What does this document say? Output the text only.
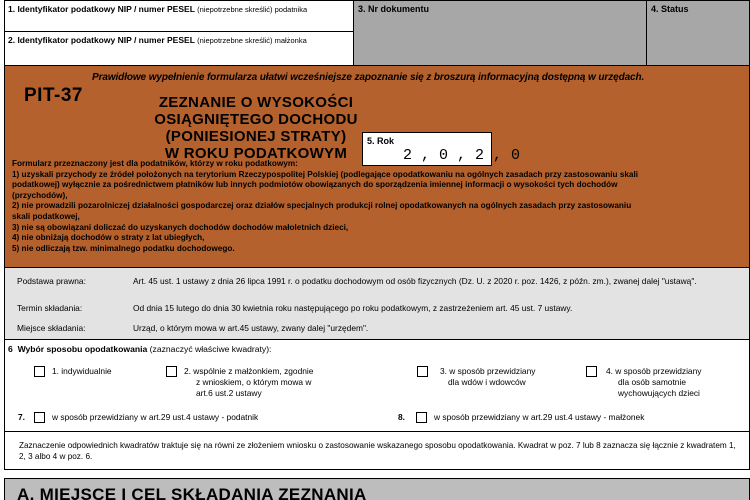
1. Identyfikator podatkowy NIP / numer PESEL (niepotrzebne skreślić) podatnika
2. Identyfikator podatkowy NIP / numer PESEL (niepotrzebne skreślić) małżonka
3. Nr dokumentu	4. Status
Prawidłowe wypełnienie formularza ułatwi wcześniejsze zapoznanie się z broszurą informacyjną dostępną w urzędach.
PIT-37	ZEZNANIE O WYSOKOŚCI
OSIĄGNIĘTEGO DOCHODU (PONIESIONEJ STRATY)
W ROKU PODATKOWYM
5. Rok
2,0,2,0
Formularz przeznaczony jest dla podatników, którzy w roku podatkowym:
1) uzyskali przychody ze źródeł położonych na terytorium Rzeczypospolitej Polskiej (podlegające opodatkowaniu na ogólnych zasadach przy zastosowaniu skali
podatkowej) wyłącznie za pośrednictwem płatników lub innych podmiotów obowiązanych do sporządzenia imiennej informacji o wysokości tych dochodów
(przychodów),
2) nie prowadzili pozarolniczej działalności gospodarczej oraz działów specjalnych produkcji rolnej opodatkowanych na ogólnych zasadach przy zastosowaniu
skali podatkowej,
3) nie są obowiązani doliczać do uzyskanych dochodów dochodów małoletnich dzieci,
4) nie obniżają dochodów o straty z lat ubiegłych,
5) nie odliczają tzw. minimalnego podatku dochodowego.
Podstawa prawna:	Art. 45 ust. 1 ustawy z dnia 26 lipca 1991 r. o podatku dochodowym od osób fizycznych (Dz. U. z 2020 r. poz. 1426, z późn. zm.), zwanej dalej "ustawą".
Termin składania:	Od dnia 15 lutego do dnia 30 kwietnia roku następującego po roku podatkowym, z zastrzeżeniem art. 45 ust. 7 ustawy.
Miejsce składania:	Urząd, o którym mowa w art.45 ustawy, zwany dalej "urzędem".
6 Wybór sposobu opodatkowania (zaznaczyć właściwe kwadraty):
1. indywidualnie	2. wspólnie z małżonkiem, zgodnie
z wnioskiem, o którym mowa w
art.6 ust.2 ustawy
3. w sposób przewidziany
dla wdów i wdowców
4. w sposób przewidziany
dla osób samotnie
wychowujących dzieci
7.	w sposób przewidziany w art.29 ust.4 ustawy - podatnik	8.	w sposób przewidziany w art.29 ust.4 ustawy - małżonek
Zaznaczenie odpowiednich kwadratów traktuje się na równi ze złożeniem wniosku o zastosowanie wskazanego sposobu opodatkowania. Kwadrat w poz. 7 lub 8 zaznacza się łącznie z kwadratem 1, 2, 3 albo 4 w poz. 6.
A. MIEJSCE I CEL SKŁADANIA ZEZNANIA
